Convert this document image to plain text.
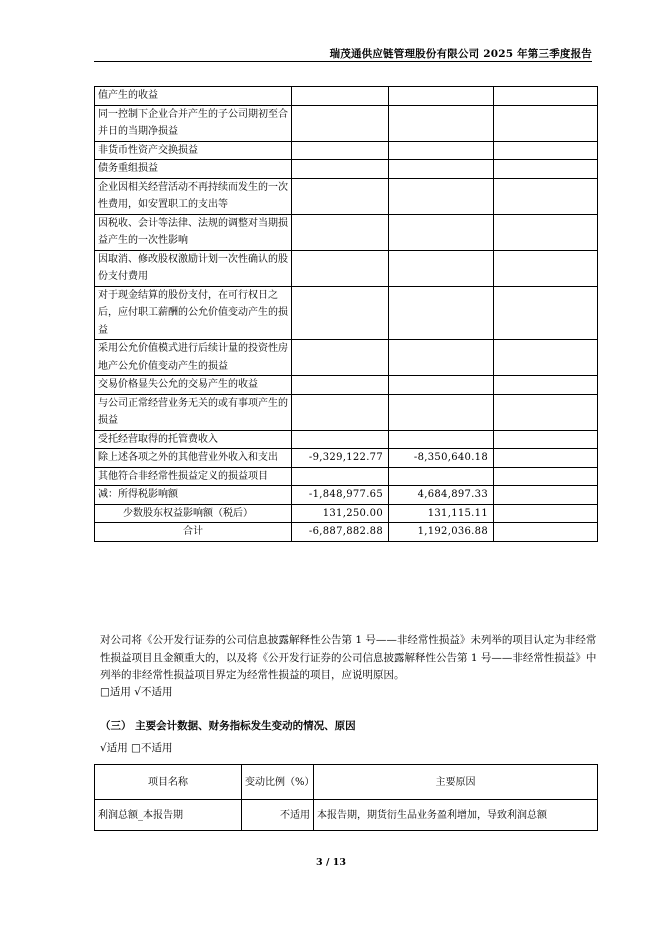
瑞茂通供应链管理股份有限公司 2025 年第三季度报告
值产生的收益			
同一控制下企业合并产生的子公司期初至合并日的当期净损益			
非货币性资产交换损益			
债务重组损益			
企业因相关经营活动不再持续而发生的一次性费用，如安置职工的支出等			
因税收、会计等法律、法规的调整对当期损益产生的一次性影响			
因取消、修改股权激励计划一次性确认的股份支付费用			
对于现金结算的股份支付，在可行权日之后，应付职工薪酬的公允价值变动产生的损益			
采用公允价值模式进行后续计量的投资性房地产公允价值变动产生的损益			
交易价格显失公允的交易产生的收益			
与公司正常经营业务无关的或有事项产生的损益			
受托经营取得的托管费收入			
除上述各项之外的其他营业外收入和支出	-9,329,122.77	-8,350,640.18	
其他符合非经常性损益定义的损益项目			
减：所得税影响额	-1,848,977.65	4,684,897.33	
少数股东权益影响额（税后）	131,250.00	131,115.11	
合计	-6,887,882.88	1,192,036.88	
对公司将《公开发行证券的公司信息披露解释性公告第 1 号——非经常性损益》未列举的项目认定为非经常性损益项目且金额重大的，以及将《公开发行证券的公司信息披露解释性公告第 1 号——非经常性损益》中列举的非经常性损益项目界定为经常性损益的项目，应说明原因。
□适用 √不适用
（三） 主要会计数据、财务指标发生变动的情况、原因
√适用 □不适用
项目名称	变动比例（%）	主要原因
利润总额_本报告期	不适用	本报告期，期货衍生品业务盈利增加，导致利润总额
3 / 13
